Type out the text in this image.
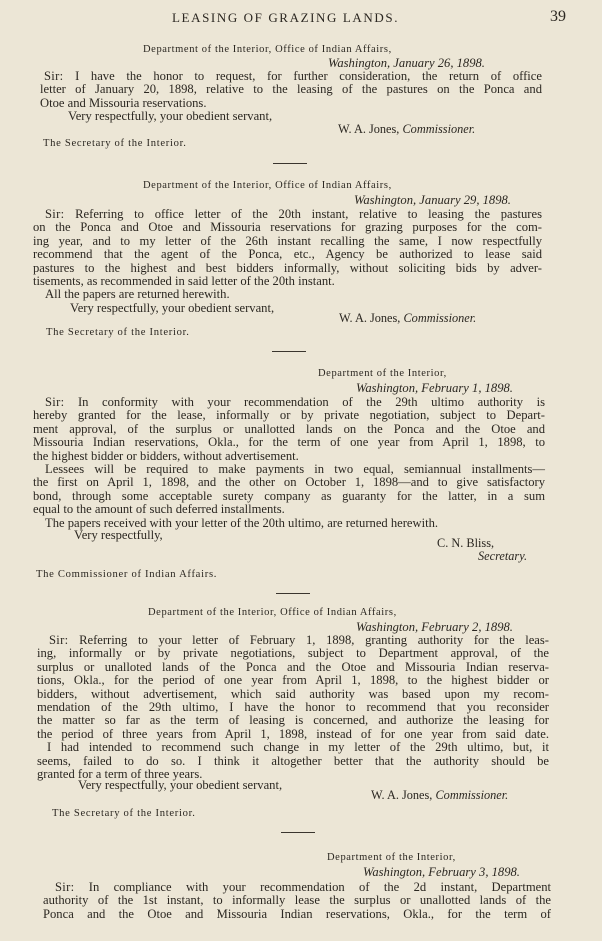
LEASING OF GRAZING LANDS.	39
Department of the Interior, Office of Indian Affairs,
Washington, January 26, 1898.
Sir: I have the honor to request, for further consideration, the return of office
letter of January 20, 1898, relative to the leasing of the pastures on the Ponca and
Otoe and Missouria reservations.
Very respectfully, your obedient servant,
W. A. Jones, Commissioner.
The Secretary of the Interior.
Department of the Interior, Office of Indian Affairs,
Washington, January 29, 1898.
Sir: Referring to office letter of the 20th instant, relative to leasing the pastures
on the Ponca and Otoe and Missouria reservations for grazing purposes for the com-
ing year, and to my letter of the 26th instant recalling the same, I now respectfully
recommend that the agent of the Ponca, etc., Agency be authorized to lease said
pastures to the highest and best bidders informally, without soliciting bids by adver-
tisements, as recommended in said letter of the 20th instant.
All the papers are returned herewith.
Very respectfully, your obedient servant,
W. A. Jones, Commissioner.
The Secretary of the Interior.
Department of the Interior,
Washington, February 1, 1898.
Sir: In conformity with your recommendation of the 29th ultimo authority is
hereby granted for the lease, informally or by private negotiation, subject to Depart-
ment approval, of the surplus or unallotted lands on the Ponca and the Otoe and
Missouria Indian reservations, Okla., for the term of one year from April 1, 1898, to
the highest bidder or bidders, without advertisement.
Lessees will be required to make payments in two equal, semiannual installments—
the first on April 1, 1898, and the other on October 1, 1898—and to give satisfactory
bond, through some acceptable surety company as guaranty for the latter, in a sum
equal to the amount of such deferred installments.
The papers received with your letter of the 20th ultimo, are returned herewith.
Very respectfully,
C. N. Bliss,
Secretary.
The Commissioner of Indian Affairs.
Department of the Interior, Office of Indian Affairs,
Washington, February 2, 1898.
Sir: Referring to your letter of February 1, 1898, granting authority for the leas-
ing, informally or by private negotiations, subject to Department approval, of the
surplus or unalloted lands of the Ponca and the Otoe and Missouria Indian reserva-
tions, Okla., for the period of one year from April 1, 1898, to the highest bidder or
bidders, without advertisement, which said authority was based upon my recom-
mendation of the 29th ultimo, I have the honor to recommend that you reconsider
the matter so far as the term of leasing is concerned, and authorize the leasing for
the period of three years from April 1, 1898, instead of for one year from said date.
I had intended to recommend such change in my letter of the 29th ultimo, but, it
seems, failed to do so. I think it altogether better that the authority should be
granted for a term of three years.
Very respectfully, your obedient servant,
W. A. Jones, Commissioner.
The Secretary of the Interior.
Department of the Interior,
Washington, February 3, 1898.
Sir: In compliance with your recommendation of the 2d instant, Department
authority of the 1st instant, to informally lease the surplus or unallotted lands of the
Ponca and the Otoe and Missouria Indian reservations, Okla., for the term of
